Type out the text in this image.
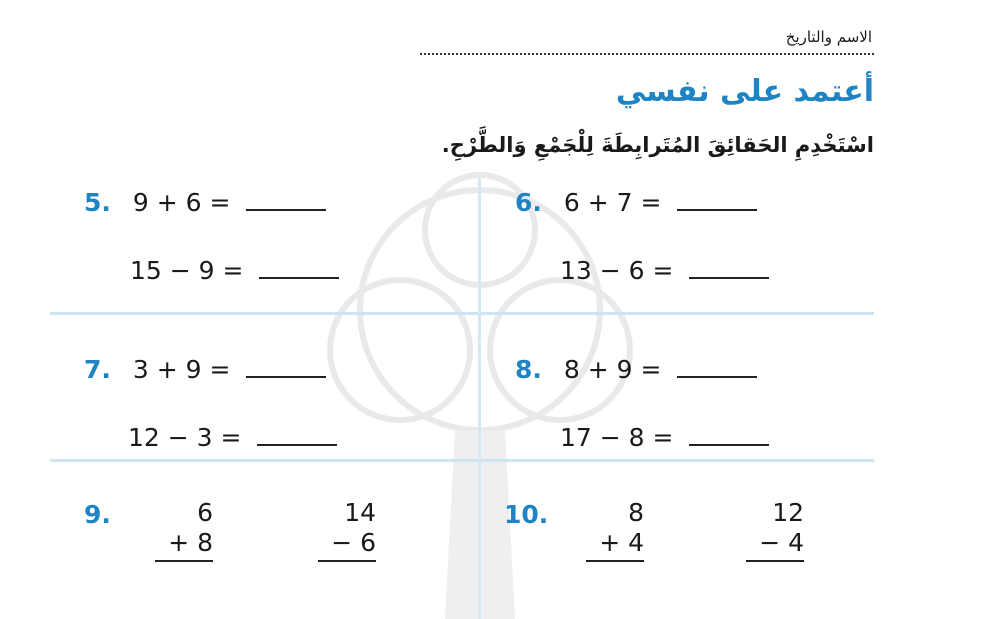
الاسم والتاريخ
أعتمد على نفسي
اسْتَخْدِمِ الحَقائِقَ المُتَرابِطَةَ لِلْجَمْعِ وَالطَّرْحِ.
5. 9 + 6 =
15 − 9 =
6. 6 + 7 =
13 − 6 =
7. 3 + 9 =
12 − 3 =
8. 8 + 9 =
17 − 8 =
9.	6
+ 8
14
− 6
10.	8
+ 4
12
− 4
